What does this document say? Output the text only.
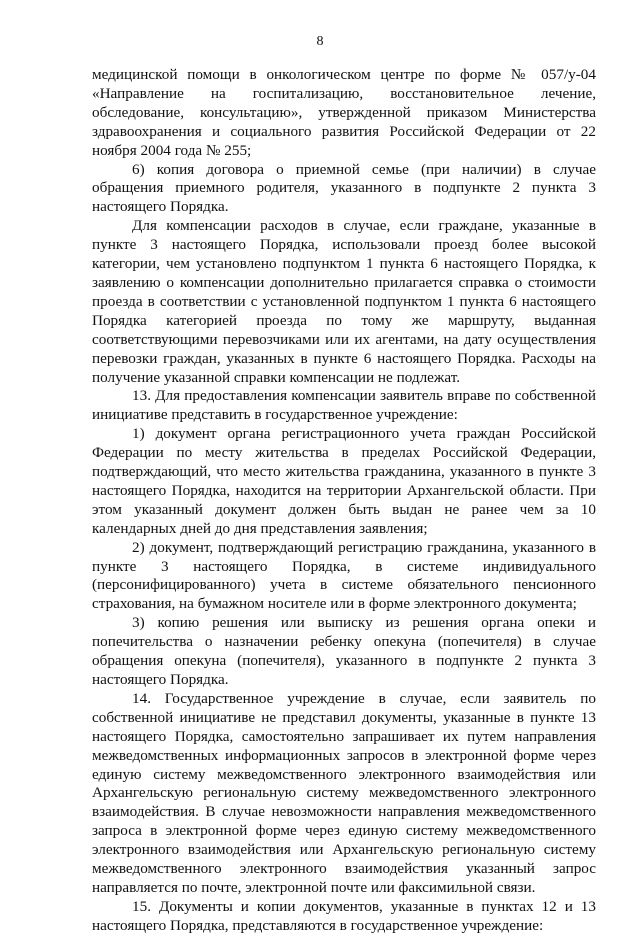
8

медицинской помощи в онкологическом центре по форме № 057/у-04 «Направление на госпитализацию, восстановительное лечение, обследование, консультацию», утвержденной приказом Министерства здравоохранения и социального развития Российской Федерации от 22 ноября 2004 года № 255;

6) копия договора о приемной семье (при наличии) в случае обращения приемного родителя, указанного в подпункте 2 пункта 3 настоящего Порядка.

Для компенсации расходов в случае, если граждане, указанные в пункте 3 настоящего Порядка, использовали проезд более высокой категории, чем установлено подпунктом 1 пункта 6 настоящего Порядка, к заявлению о компенсации дополнительно прилагается справка о стоимости проезда в соответствии с установленной подпунктом 1 пункта 6 настоящего Порядка категорией проезда по тому же маршруту, выданная соответствующими перевозчиками или их агентами, на дату осуществления перевозки граждан, указанных в пункте 6 настоящего Порядка. Расходы на получение указанной справки компенсации не подлежат.

13. Для предоставления компенсации заявитель вправе по собственной инициативе представить в государственное учреждение:

1) документ органа регистрационного учета граждан Российской Федерации по месту жительства в пределах Российской Федерации, подтверждающий, что место жительства гражданина, указанного в пункте 3 настоящего Порядка, находится на территории Архангельской области. При этом указанный документ должен быть выдан не ранее чем за 10 календарных дней до дня представления заявления;

2) документ, подтверждающий регистрацию гражданина, указанного в пункте 3 настоящего Порядка, в системе индивидуального (персонифицированного) учета в системе обязательного пенсионного страхования, на бумажном носителе или в форме электронного документа;

3) копию решения или выписку из решения органа опеки и попечительства о назначении ребенку опекуна (попечителя) в случае обращения опекуна (попечителя), указанного в подпункте 2 пункта 3 настоящего Порядка.

14. Государственное учреждение в случае, если заявитель по собственной инициативе не представил документы, указанные в пункте 13 настоящего Порядка, самостоятельно запрашивает их путем направления межведомственных информационных запросов в электронной форме через единую систему межведомственного электронного взаимодействия или Архангельскую региональную систему межведомственного электронного взаимодействия. В случае невозможности направления межведомственного запроса в электронной форме через единую систему межведомственного электронного взаимодействия или Архангельскую региональную систему межведомственного электронного взаимодействия указанный запрос направляется по почте, электронной почте или факсимильной связи.

15. Документы и копии документов, указанные в пунктах 12 и 13 настоящего Порядка, представляются в государственное учреждение:
